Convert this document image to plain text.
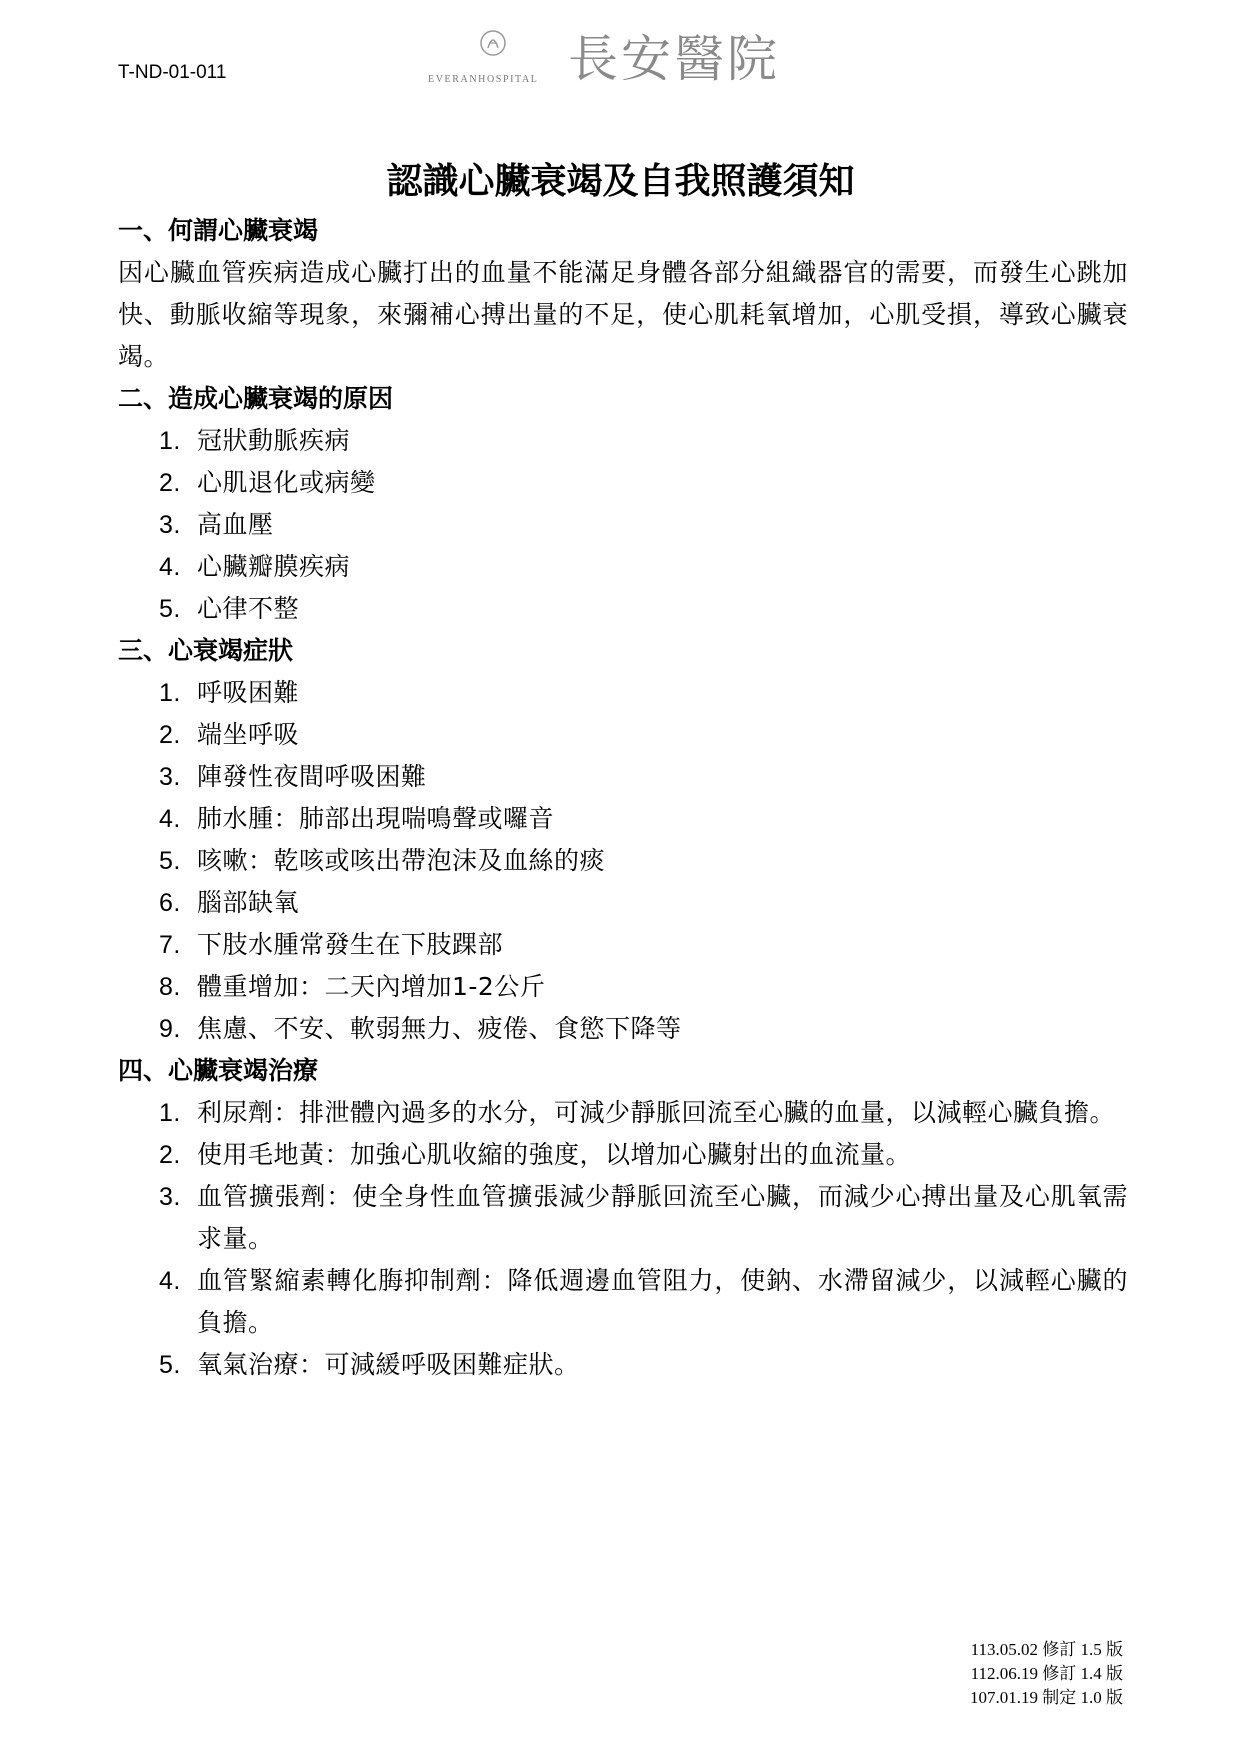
T-ND-01-011	EVERANHOSPITAL 長安醫院
認識心臟衰竭及自我照護須知

一、何謂心臟衰竭

因心臟血管疾病造成心臟打出的血量不能滿足身體各部分組織器官的需要，而發生心跳加快、動脈收縮等現象，來彌補心搏出量的不足，使心肌耗氧增加，心肌受損，導致心臟衰竭。

二、造成心臟衰竭的原因

1. 冠狀動脈疾病
2. 心肌退化或病變
3. 高血壓
4. 心臟瓣膜疾病
5. 心律不整

三、心衰竭症狀

1. 呼吸困難
2. 端坐呼吸
3. 陣發性夜間呼吸困難
4. 肺水腫：肺部出現喘鳴聲或囉音
5. 咳嗽：乾咳或咳出帶泡沫及血絲的痰
6. 腦部缺氧
7. 下肢水腫常發生在下肢踝部
8. 體重增加：二天內增加1-2公斤
9. 焦慮、不安、軟弱無力、疲倦、食慾下降等

四、心臟衰竭治療

1. 利尿劑：排泄體內過多的水分，可減少靜脈回流至心臟的血量，以減輕心臟負擔。
2. 使用毛地黃：加強心肌收縮的強度，以增加心臟射出的血流量。
3. 血管擴張劑：使全身性血管擴張減少靜脈回流至心臟，而減少心搏出量及心肌氧需求量。
4. 血管緊縮素轉化脢抑制劑：降低週邊血管阻力，使鈉、水滯留減少，以減輕心臟的負擔。
5. 氧氣治療：可減緩呼吸困難症狀。
113.05.02 修訂 1.5 版
112.06.19 修訂 1.4 版
107.01.19 制定 1.0 版
